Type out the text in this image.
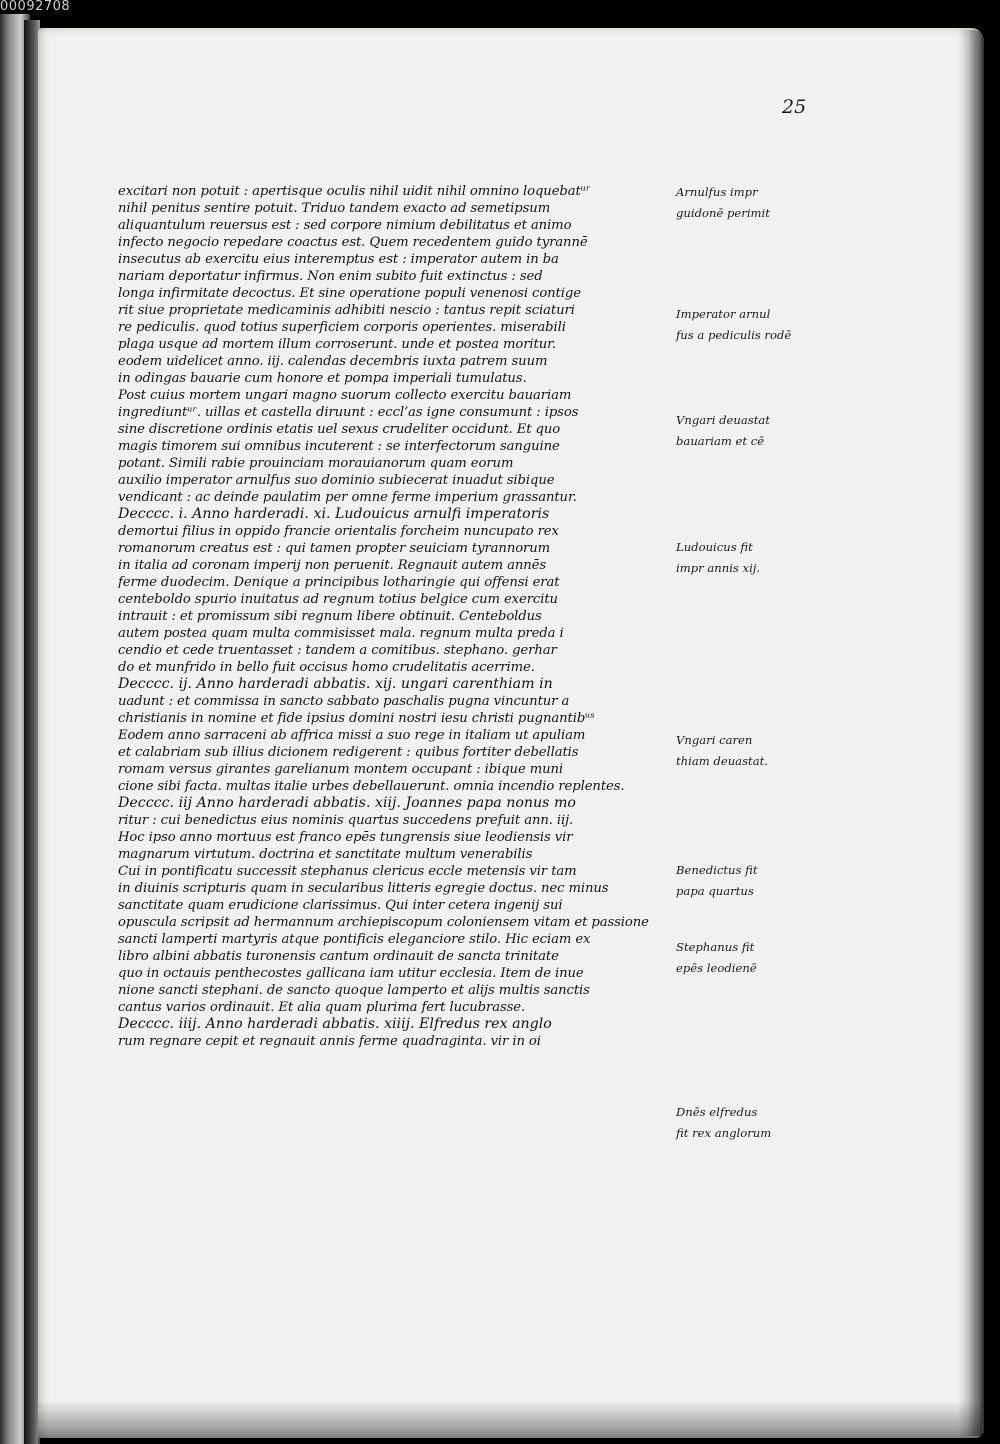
00092708
25
excitari non potuit : apertisque oculis nihil uidit nihil omnino loquebatᵘʳ
nihil penitus sentire potuit. Triduo tandem exacto ad semetipsum
aliquantulum reuersus est : sed corpore nimium debilitatus et animo
infecto negocio repedare coactus est. Quem recedentem guido tyrannē
insecutus ab exercitu eius interemptus est : imperator autem in ba
nariam deportatur infirmus. Non enim subito fuit extinctus : sed
longa infirmitate decoctus. Et sine operatione populi venenosi contige
rit siue proprietate medicaminis adhibiti nescio : tantus repit sciaturi
re pediculis. quod totius superficiem corporis operientes. miserabili
plaga usque ad mortem illum corroserunt. unde et postea moritur.
eodem uidelicet anno. iij. calendas decembris iuxta patrem suum
in odingas bauarie cum honore et pompa imperiali tumulatus.
Post cuius mortem ungari magno suorum collecto exercitu bauariam
ingrediuntᵘʳ. uillas et castella diruunt : eccl’as igne consumunt : ipsos
sine discretione ordinis etatis uel sexus crudeliter occidunt. Et quo
magis timorem sui omnibus incuterent : se interfectorum sanguine
potant. Simili rabie prouinciam morauianorum quam eorum
auxilio imperator arnulfus suo dominio subiecerat inuadut sibique
vendicant : ac deinde paulatim per omne ferme imperium grassantur.
Decccc. i. Anno harderadi. xi. Ludouicus arnulfi imperatoris
demortui filius in oppido francie orientalis forcheim nuncupato rex
romanorum creatus est : qui tamen propter seuiciam tyrannorum
in italia ad coronam imperij non peruenit. Regnauit autem annēs
ferme duodecim. Denique a principibus lotharingie qui offensi erat
centeboldo spurio inuitatus ad regnum totius belgice cum exercitu
intrauit : et promissum sibi regnum libere obtinuit. Centeboldus
autem postea quam multa commisisset mala. regnum multa preda i
cendio et cede truentasset : tandem a comitibus. stephano. gerhar
do et munfrido in bello fuit occisus homo crudelitatis acerrime.
Decccc. ij. Anno harderadi abbatis. xij. ungari carenthiam in
uadunt : et commissa in sancto sabbato paschalis pugna vincuntur a
christianis in nomine et fide ipsius domini nostri iesu christi pugnantibᵘˢ
Eodem anno sarraceni ab affrica missi a suo rege in italiam ut apuliam
et calabriam sub illius dicionem redigerent : quibus fortiter debellatis
romam versus girantes garelianum montem occupant : ibique muni
cione sibi facta. multas italie urbes debellauerunt. omnia incendio replentes.
Decccc. iij Anno harderadi abbatis. xiij. Joannes papa nonus mo
ritur : cui benedictus eius nominis quartus succedens prefuit ann. iij.
Hoc ipso anno mortuus est franco epēs tungrensis siue leodiensis vir
magnarum virtutum. doctrina et sanctitate multum venerabilis
Cui in pontificatu successit stephanus clericus eccle metensis vir tam
in diuinis scripturis quam in secularibus litteris egregie doctus. nec minus
sanctitate quam erudicione clarissimus. Qui inter cetera ingenij sui
opuscula scripsit ad hermannum archiepiscopum coloniensem vitam et passione
sancti lamperti martyris atque pontificis eleganciore stilo. Hic eciam ex
libro albini abbatis turonensis cantum ordinauit de sancta trinitate
quo in octauis penthecostes gallicana iam utitur ecclesia. Item de inue
nione sancti stephani. de sancto quoque lamperto et alijs multis sanctis
cantus varios ordinauit. Et alia quam plurima fert lucubrasse.
Decccc. iiij. Anno harderadi abbatis. xiiij. Elfredus rex anglo
rum regnare cepit et regnauit annis ferme quadraginta. vir in oi
Arnulfus impr
guidonē perimit
Imperator arnul
fus a pediculis rodē
Vngari deuastat
bauariam et cē
Ludouicus fit
impr annis xij.
Vngari caren
thiam deuastat.
Benedictus fit
papa quartus
Stephanus fit
epēs leodienē
Dnēs elfredus
fit rex anglorum
